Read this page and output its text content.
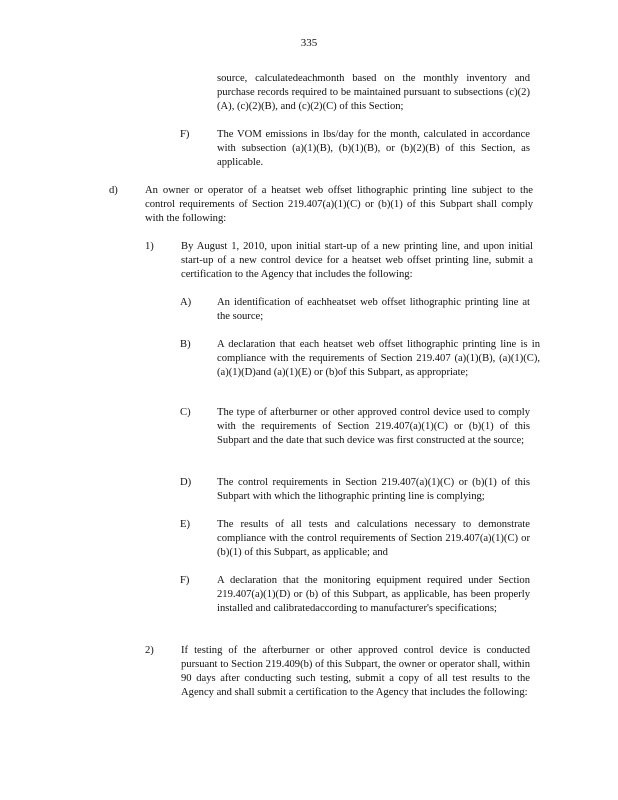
335
source, calculatedeachmonth based on the monthly inventory and purchase records required to be maintained pursuant to subsections (c)(2)(A), (c)(2)(B), and (c)(2)(C) of this Section;
F)	The VOM emissions in lbs/day for the month, calculated in accordance with subsection (a)(1)(B), (b)(1)(B), or (b)(2)(B) of this Section, as applicable.
d)	An owner or operator of a heatset web offset lithographic printing line subject to the control requirements of Section 219.407(a)(1)(C) or (b)(1) of this Subpart shall comply with the following:
1)	By August 1, 2010, upon initial start-up of a new printing line, and upon initial start-up of a new control device for a heatset web offset printing line, submit a certification to the Agency that includes the following:
A) An identification of eachheatset web offset lithographic printing line at the source;
B) A declaration that each heatset web offset lithographic printing line is in compliance with the requirements of Section 219.407 (a)(1)(B), (a)(1)(C), (a)(1)(D)and (a)(1)(E) or (b)of this Subpart, as appropriate;
C) The type of afterburner or other approved control device used to comply with the requirements of Section 219.407(a)(1)(C) or (b)(1) of this Subpart and the date that such device was first constructed at the source;
D) The control requirements in Section 219.407(a)(1)(C) or (b)(1) of this Subpart with which the lithographic printing line is complying;
E)	The results of all tests and calculations necessary to demonstrate compliance with the control requirements of Section 219.407(a)(1)(C) or (b)(1) of this Subpart, as applicable; and
F)	A declaration that the monitoring equipment required under Section 219.407(a)(1)(D) or (b) of this Subpart, as applicable, has been properly installed and calibratedaccording to manufacturer's specifications;
2)	If testing of the afterburner or other approved control device is conducted pursuant to Section 219.409(b) of this Subpart, the owner or operator shall, within 90 days after conducting such testing, submit a copy of all test results to the Agency and shall submit a certification to the Agency that includes the following:
